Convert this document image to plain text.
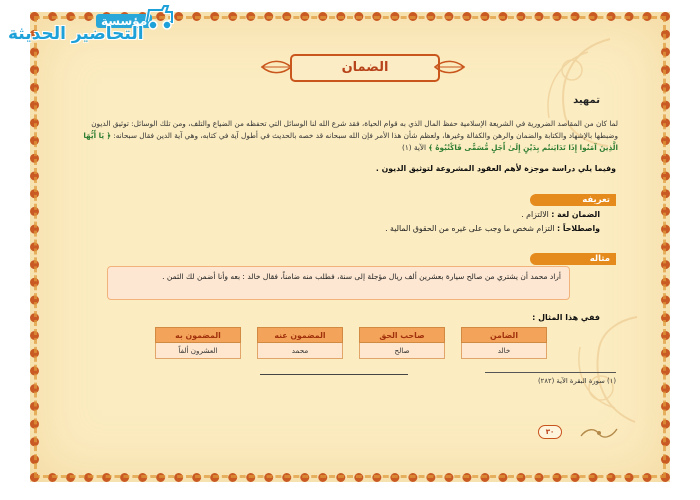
مؤسسة
التحاضير الحديثة
الضمان
تمهيد
لما كان من المقاصد الضرورية في الشريعة الإسلامية حفظ المال الذي به قوام الحياة، فقد شرع الله لنا الوسائل التي تحفظه من الضياع والتلف، ومن تلك الوسائل: توثيق الديون وضبطها بالإشهاد والكتابة والضمان والرهن والكفالة وغيرها، ولعظم شأن هذا الأمر فإن الله سبحانه قد خصه بالحديث في أطول آية في كتابه، وهي آية الدين فقال سبحانه: ﴿ يَا أَيُّهَا الَّذِينَ آمَنُوا إِذَا تَدَايَنتُم بِدَيْنٍ إِلَىٰ أَجَلٍ مُّسَمًّى فَاكْتُبُوهُ ﴾ الآية (١)
وفيما يلي دراسة موجزة لأهم العقود المشروعة لتوثيق الديون .
تعريفه
الضمان لغة : الالتزام .
واصطلاحاً : التزام شخص ما وجب على غيره من الحقوق المالية .
مثاله
أراد محمد أن يشتري من صالح سيارة بعشرين ألف ريال مؤجلة إلى سنة، فطلب منه ضامناً، فقال خالد : بعه وأنا أضمن لك الثمن .
ففي هذا المثال :
الضامن
خالد
صاحب الحق
صالح
المضمون عنه
محمد
المضمون به
العشرون ألفاً
(١) سورة البقرة الآية (٢٨٢)
٣٠
